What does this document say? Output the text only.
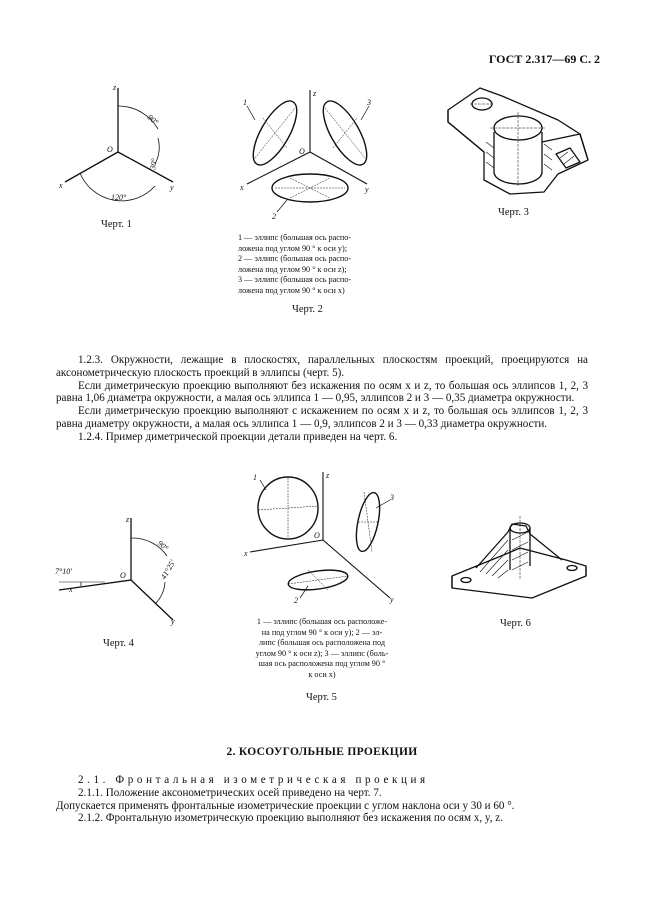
ГОСТ 2.317—69 С. 2
z
O
x	y
90°
30°
120°
Черт. 1
1	3
2
O
z
x	y
1 — эллипс (большая ось распо-
ложена под углом 90 ° к оси y);
2 — эллипс (большая ось распо-
ложена под углом 90 ° к оси z);
3 — эллипс (большая ось распо-
ложена под углом 90 ° к оси x)
Черт. 2
Черт. 3
1.2.3. Окружности, лежащие в плоскостях, параллельных плоскостям проекций, проецируются на аксонометрическую плоскость проекций в эллипсы (черт. 5).
Если диметрическую проекцию выполняют без искажения по осям x и z, то большая ось эллипсов 1, 2, 3 равна 1,06 диаметра окружности, а малая ось эллипса 1 — 0,95, эллипсов 2 и 3 — 0,35 диаметра окружности.
Если диметрическую проекцию выполняют с искажением по осям x и z, то большая ось эллипсов 1, 2, 3 равна диаметру окружности, а малая ось эллипса 1 — 0,9, эллипсов 2 и 3 — 0,33 диаметра окружности.
1.2.4. Пример диметрической проекции детали приведен на черт. 6.
z
O
x
y
90°
7°10′	41°25′
Черт. 4
1
3
2
O
z
x
y
1 — эллипс (большая ось расположе-
на под углом 90 ° к оси y); 2 — эл-
липс (большая ось расположена под
углом 90 ° к оси z); 3 — эллипс (боль-
шая ось расположена под углом 90 °
к оси x)
Черт. 5
Черт. 6
2. КОСОУГОЛЬНЫЕ ПРОЕКЦИИ
2.1. Фронтальная изометрическая проекция
2.1.1. Положение аксонометрических осей приведено на черт. 7.
Допускается применять фронтальные изометрические проекции с углом наклона оси y 30 и 60 °.
2.1.2. Фронтальную изометрическую проекцию выполняют без искажения по осям x, y, z.
